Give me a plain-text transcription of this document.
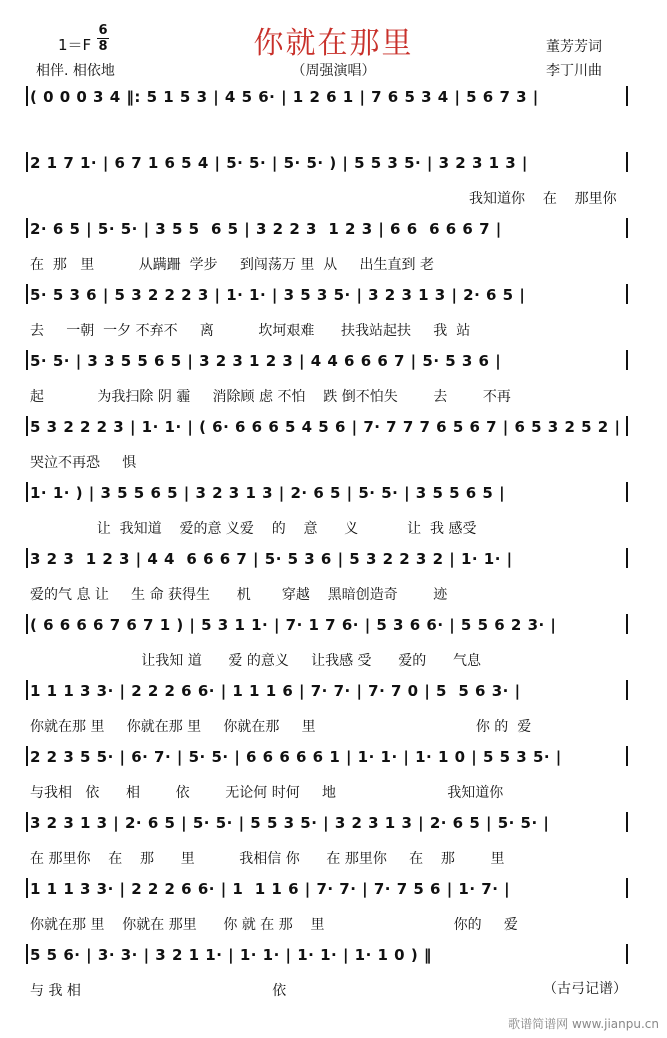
你就在那里
1＝F
6
8
相伴. 相依地	（周强演唱）
董芳芳词
李丁川曲
( 0 0 0 3 4 ‖: 5 1 5 3 | 4 5 6· | 1 2 6 1 | 7 6 5 3 4 | 5 6 7 3 |
2 1 7 1· | 6 7 1 6 5 4 | 5· 5· | 5· 5· ) | 5 5 3 5· | 3 2 3 1 3 |
我知道你    在    那里你
2· 6 5 | 5· 5· | 3 5 5  6 5 | 3 2 2 3  1 2 3 | 6 6  6 6 6 7 |
在  那   里          从蹒跚  学步     到闯荡万 里  从     出生直到 老
5· 5 3 6 | 5 3 2 2 2 3 | 1· 1· | 3 5 3 5· | 3 2 3 1 3 | 2· 6 5 |
去     一朝  一夕 不弃不     离          坎坷艰难      扶我站起扶     我  站
5· 5· | 3 3 5 5 6 5 | 3 2 3 1 2 3 | 4 4 6 6 6 7 | 5· 5 3 6 |
起            为我扫除 阴 霾     消除顾 虑 不怕    跌 倒不怕失        去        不再
5 3 2 2 2 3 | 1· 1· | ( 6· 6 6 6 5 4 5 6 | 7· 7 7 7 6 5 6 7 | 6 5 3 2 5 2 |
哭泣不再恐     惧
1· 1· ) | 3 5 5 6 5 | 3 2 3 1 3 | 2· 6 5 | 5· 5· | 3 5 5 6 5 |
让  我知道    爱的意 义爱    的    意      义           让  我 感受
3 2 3  1 2 3 | 4 4  6 6 6 7 | 5· 5 3 6 | 5 3 2 2 3 2 | 1· 1· |
爱的气 息 让     生 命 获得生      机       穿越    黑暗创造奇        迹
( 6 6 6 6 7 6 7 1 ) | 5 3 1 1· | 7· 1 7 6· | 5 3 6 6· | 5 5 6 2 3· |
让我知 道      爱 的意义     让我感 受      爱的      气息
1 1 1 3 3· | 2 2 2 6 6· | 1 1 1 6 | 7· 7· | 7· 7 0 | 5  5 6 3· |
你就在那 里     你就在那 里     你就在那     里                                    你 的  爱
2 2 3 5 5· | 6· 7· | 5· 5· | 6 6 6 6 6 1 | 1· 1· | 1· 1 0 | 5 5 3 5· |
与我相   依      相        依        无论何 时何     地                         我知道你
3 2 3 1 3 | 2· 6 5 | 5· 5· | 5 5 3 5· | 3 2 3 1 3 | 2· 6 5 | 5· 5· |
在 那里你    在    那      里          我相信 你      在 那里你     在    那        里
1 1 1 3 3· | 2 2 2 6 6· | 1  1 1 6 | 7· 7· | 7· 7 5 6 | 1· 7· |
你就在那 里    你就在 那里      你 就 在 那    里                             你的     爱
5 5 6· | 3· 3· | 3 2 1 1· | 1· 1· | 1· 1· | 1· 1 0 ) ‖
与 我 相                                           依	（古弓记谱）
歌谱简谱网 www.jianpu.cn
